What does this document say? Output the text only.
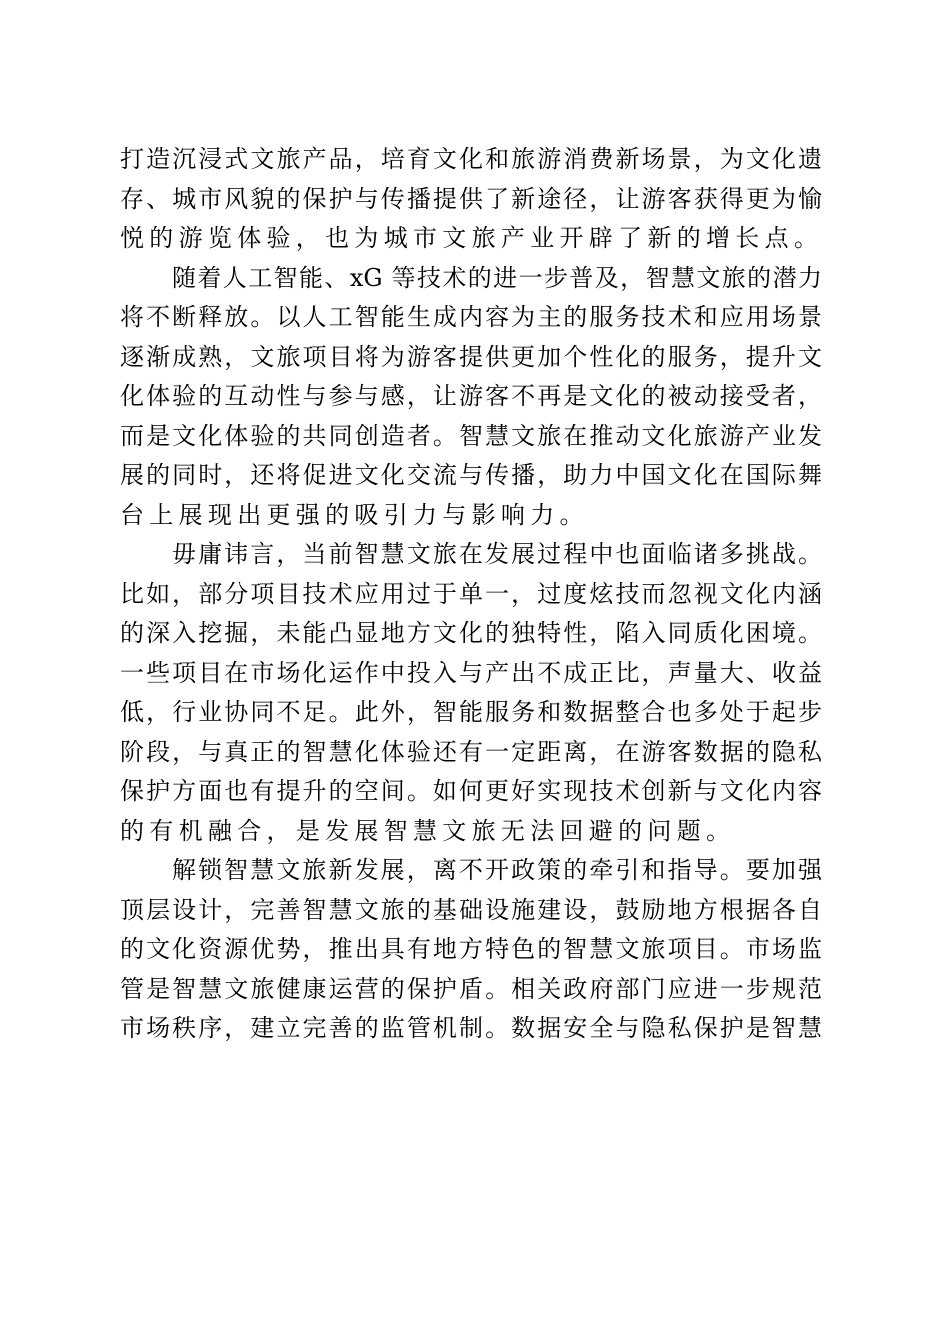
打造沉浸式文旅产品，培育文化和旅游消费新场景，为文化遗
存、城市风貌的保护与传播提供了新途径，让游客获得更为愉
悦的游览体验，也为城市文旅产业开辟了新的增长点。
随着人工智能、xG 等技术的进一步普及，智慧文旅的潜力
将不断释放。以人工智能生成内容为主的服务技术和应用场景
逐渐成熟，文旅项目将为游客提供更加个性化的服务，提升文
化体验的互动性与参与感，让游客不再是文化的被动接受者，
而是文化体验的共同创造者。智慧文旅在推动文化旅游产业发
展的同时，还将促进文化交流与传播，助力中国文化在国际舞
台上展现出更强的吸引力与影响力。
毋庸讳言，当前智慧文旅在发展过程中也面临诸多挑战。
比如，部分项目技术应用过于单一，过度炫技而忽视文化内涵
的深入挖掘，未能凸显地方文化的独特性，陷入同质化困境。
一些项目在市场化运作中投入与产出不成正比，声量大、收益
低，行业协同不足。此外，智能服务和数据整合也多处于起步
阶段，与真正的智慧化体验还有一定距离，在游客数据的隐私
保护方面也有提升的空间。如何更好实现技术创新与文化内容
的有机融合，是发展智慧文旅无法回避的问题。
解锁智慧文旅新发展，离不开政策的牵引和指导。要加强
顶层设计，完善智慧文旅的基础设施建设，鼓励地方根据各自
的文化资源优势，推出具有地方特色的智慧文旅项目。市场监
管是智慧文旅健康运营的保护盾。相关政府部门应进一步规范
市场秩序，建立完善的监管机制。数据安全与隐私保护是智慧
